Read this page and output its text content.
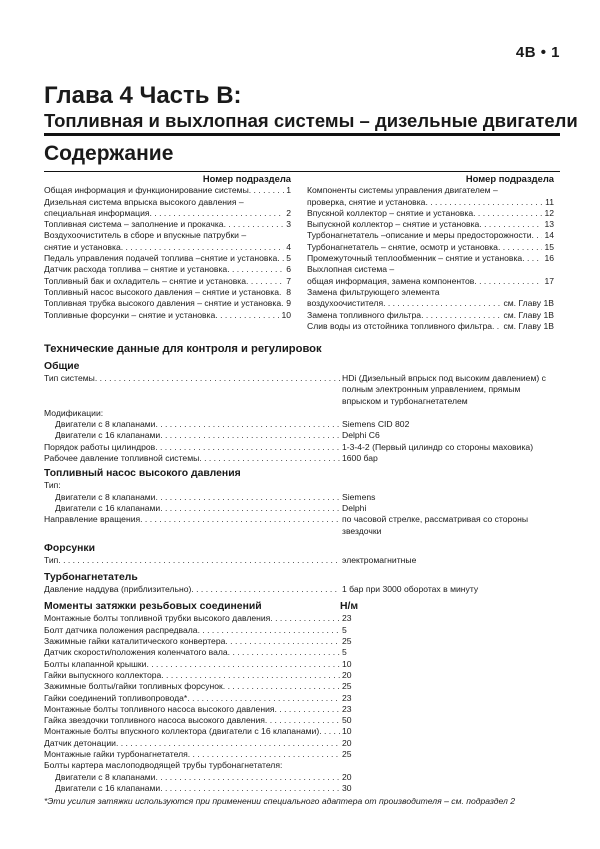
4B • 1
Глава 4 Часть В:
Топливная и выхлопная системы – дизельные двигатели
Содержание
Номер подраздела
Общая информация и функционирование системы . . .	1
Дизельная система впрыска высокого давления –
специальная информация . . .	2
Топливная система – заполнение и прокачка . . .	3
Воздухоочиститель в сборе и впускные патрубки –
снятие и установка . . .	4
Педаль управления подачей топлива –снятие и установка . . . 5
Датчик расхода топлива – снятие и установка . . .	6
Топливный бак и охладитель – снятие и установка . . .	7
Топливный насос высокого давления – снятие и установка . . . 8
Топливная трубка высокого давления – снятие и установка . . . 9
Топливные форсунки – снятие и установка . . .	10
Номер подраздела
Компоненты системы управления двигателем –
проверка, снятие и установка . . .	11
Впускной коллектор – снятие и установка . . .	12
Выпускной коллектор – снятие и установка . . .	13
Турбонагнетатель –описание и меры предосторожности . . . 14
Турбонагнетатель – снятие, осмотр и установка . . .	15
Промежуточный теплообменник – снятие и установка . . .	16
Выхлопная система –
общая информация, замена компонентов . . .	17
Замена фильтрующего элемента
воздухоочистителя . . .	см. Главу 1В
Замена топливного фильтра . . .	см. Главу 1В
Слив воды из отстойника топливного фильтра . . . см. Главу 1В
Технические данные для контроля и регулировок
Общие
Тип системы . . .	HDi (Дизельный впрыск под высоким давлением) с полным электронным управлением, прямым впрыском и турбонагнетателем
Модификации:
Двигатели с 8 клапанами . . .	Siemens CID 802
Двигатели с 16 клапанами . . .	Delphi C6
Порядок работы цилиндров . . .	1-3-4-2 (Первый цилиндр со стороны маховика)
Рабочее давление топливной системы . . .	1600 бар
Топливный насос высокого давления
Тип:
Двигатели с 8 клапанами . . .	Siemens
Двигатели с 16 клапанами . . .	Delphi
Направление вращения . . .	по часовой стрелке, рассматривая со стороны звездочки
Форсунки
Тип . . .	электромагнитные
Турбонагнетатель
Давление наддува (приблизительно) . . .	1 бар при 3000 оборотах в минуту
Моменты затяжки резьбовых соединений	Н/м
Монтажные болты топливной трубки высокого давления . . .	23
Болт датчика положения распредвала . . .	5
Зажимные гайки каталитического конвертера . . .	25
Датчик скорости/положения коленчатого вала . . .	5
Болты клапанной крышки . . .	10
Гайки выпускного коллектора . . .	20
Зажимные болты/гайки топливных форсунок . . .	25
Гайки соединений топливопровода* . . .	23
Монтажные болты топливного насоса высокого давления . . .	23
Гайка звездочки топливного насоса высокого давления . . .	50
Монтажные болты впускного коллектора (двигатели с 16 клапанами) . . .	10
Датчик детонации . . .	20
Монтажные гайки турбонагнетателя . . .	25
Болты картера маслоподводящей трубы турбонагнетателя:
Двигатели с 8 клапанами . . .	20
Двигатели с 16 клапанами . . .	30
*Эти усилия затяжки используются при применении специального адаптера от производителя – см. подраздел 2
